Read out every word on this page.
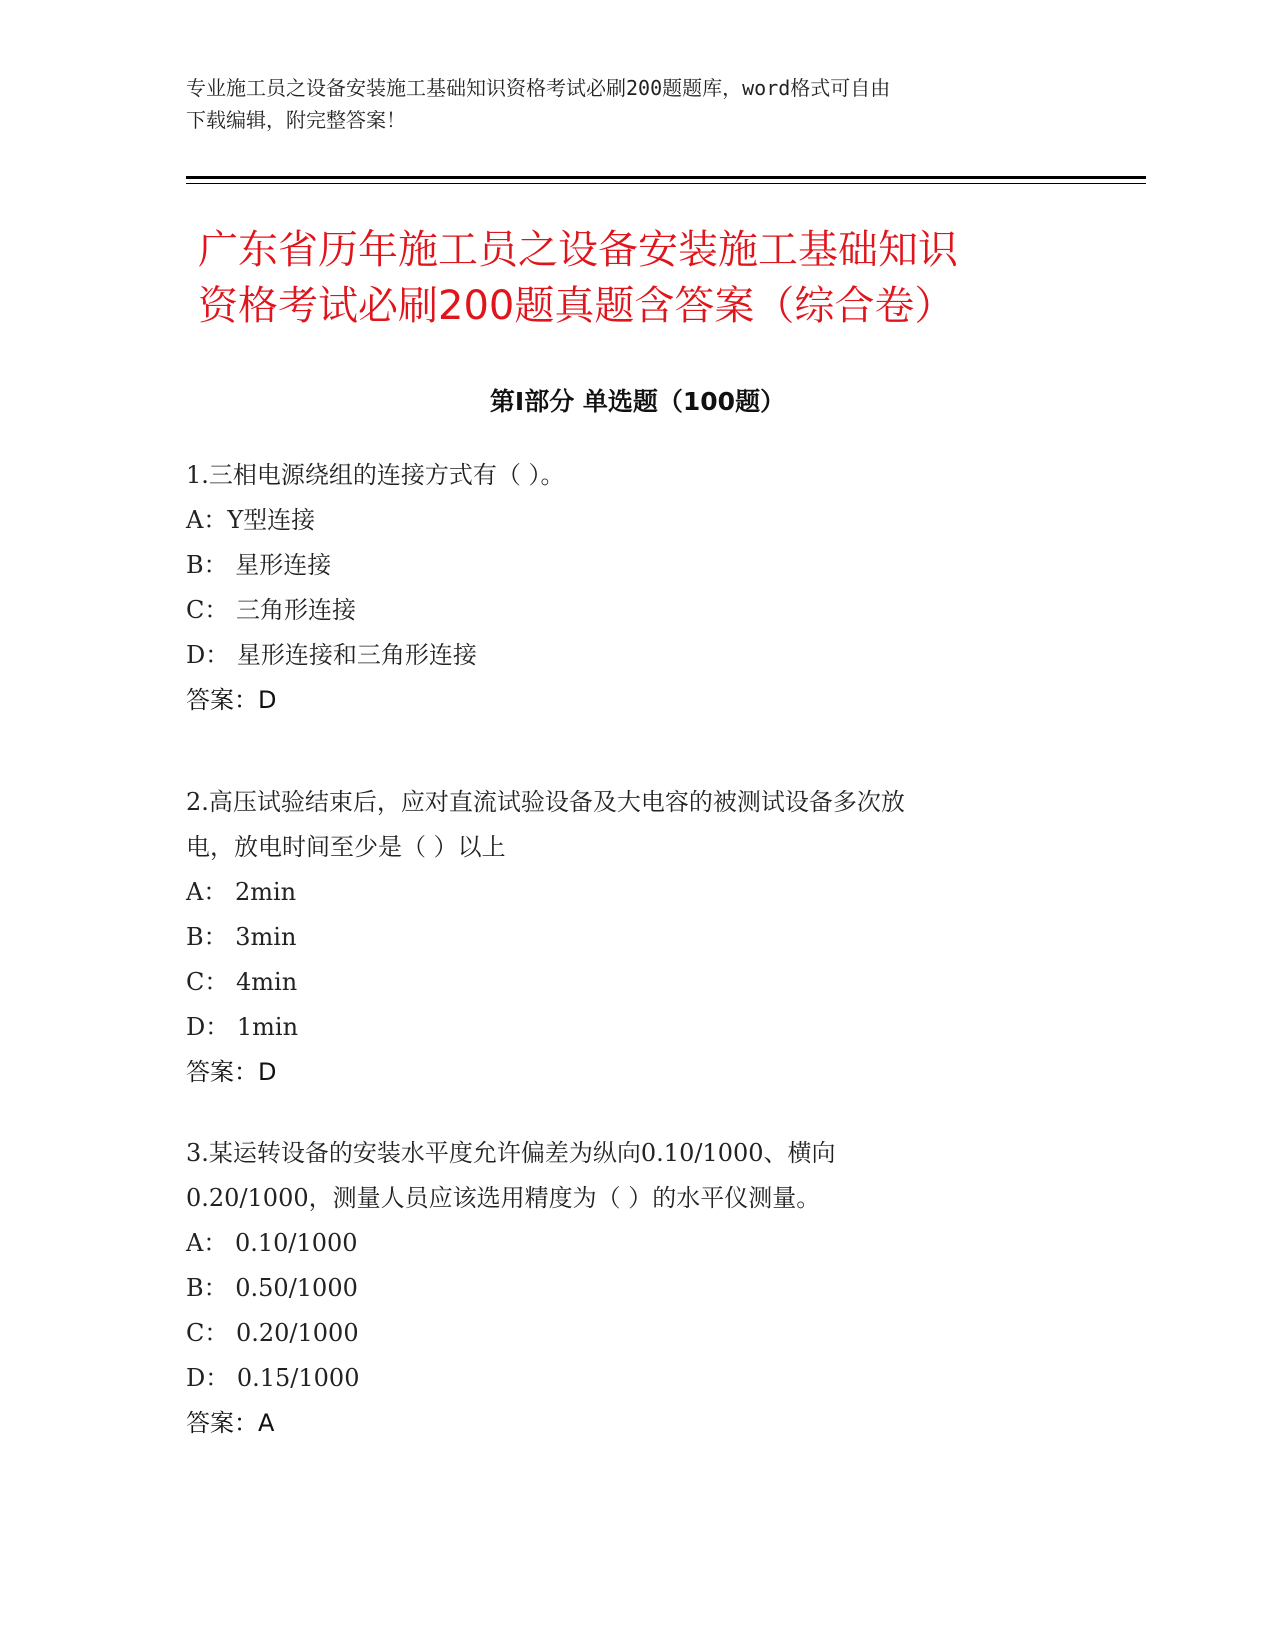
专业施工员之设备安装施工基础知识资格考试必刷200题题库，word格式可自由
下载编辑，附完整答案！
广东省历年施工员之设备安装施工基础知识
资格考试必刷200题真题含答案（综合卷）
第Ⅰ部分 单选题（100题）
1.三相电源绕组的连接方式有（ ）。
A：Y型连接
B： 星形连接
C： 三角形连接
D： 星形连接和三角形连接
答案：D
2.高压试验结束后，应对直流试验设备及大电容的被测试设备多次放
电，放电时间至少是（ ）以上
A： 2min
B： 3min
C： 4min
D： 1min
答案：D
3.某运转设备的安装水平度允许偏差为纵向0.10/1000、横向
0.20/1000，测量人员应该选用精度为（ ）的水平仪测量。
A： 0.10/1000
B： 0.50/1000
C： 0.20/1000
D： 0.15/1000
答案：A
